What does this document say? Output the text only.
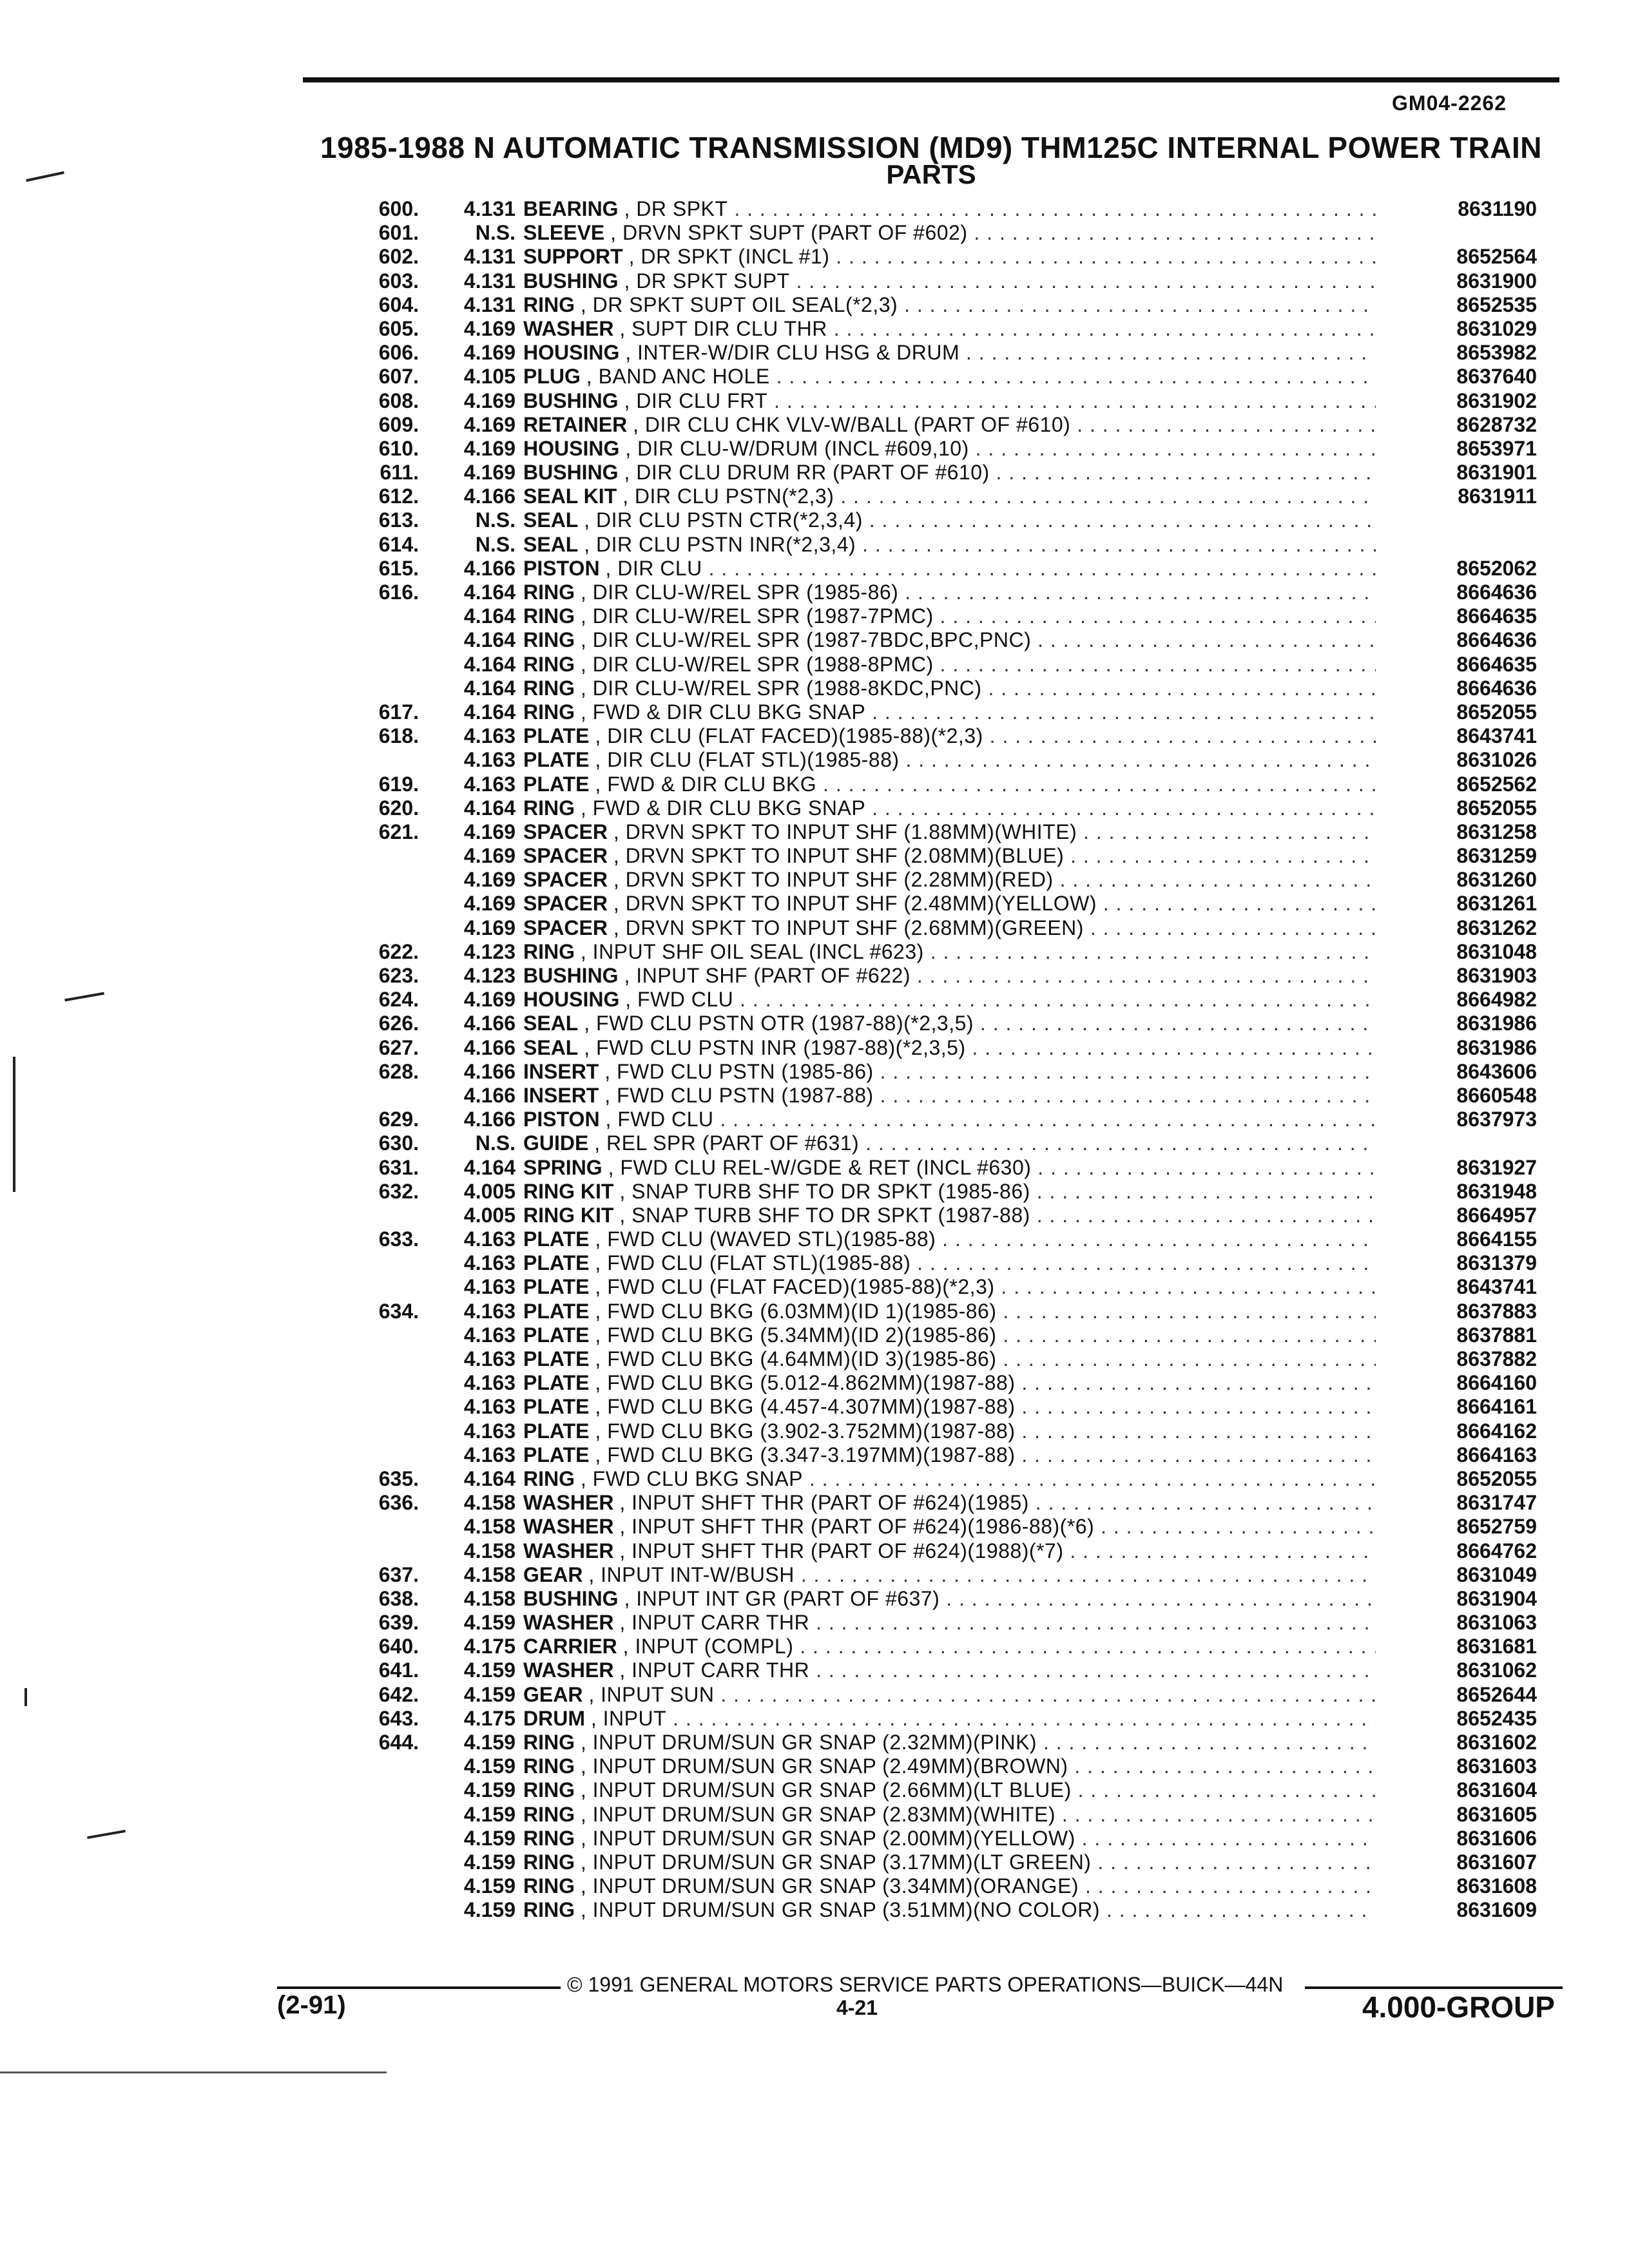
GM04-2262
1985-1988 N AUTOMATIC TRANSMISSION (MD9) THM125C INTERNAL POWER TRAIN
PARTS
600.	4.131 BEARING , DR SPKT . . .	8631190
601.	N.S. SLEEVE , DRVN SPKT SUPT (PART OF #602) . . .
602.	4.131 SUPPORT , DR SPKT (INCL #1) . . .	8652564
603.	4.131 BUSHING , DR SPKT SUPT . . .	8631900
604.	4.131 RING , DR SPKT SUPT OIL SEAL(*2,3) . . .	8652535
605.	4.169 WASHER , SUPT DIR CLU THR . . .	8631029
606.	4.169 HOUSING , INTER-W/DIR CLU HSG & DRUM . . .	8653982
607.	4.105 PLUG , BAND ANC HOLE . . .	8637640
608.	4.169 BUSHING , DIR CLU FRT . . .	8631902
609.	4.169 RETAINER , DIR CLU CHK VLV-W/BALL (PART OF #610) . . .	8628732
610.	4.169 HOUSING , DIR CLU-W/DRUM (INCL #609,10) . . .	8653971
611.	4.169 BUSHING , DIR CLU DRUM RR (PART OF #610) . . .	8631901
612.	4.166 SEAL KIT , DIR CLU PSTN(*2,3) . . .	8631911
613.	N.S. SEAL , DIR CLU PSTN CTR(*2,3,4) . . .
614.	N.S. SEAL , DIR CLU PSTN INR(*2,3,4) . . .
615.	4.166 PISTON , DIR CLU . . .	8652062
616.	4.164 RING , DIR CLU-W/REL SPR (1985-86) . . .	8664636
4.164 RING , DIR CLU-W/REL SPR (1987-7PMC) . . .	8664635
4.164 RING , DIR CLU-W/REL SPR (1987-7BDC,BPC,PNC) . . .	8664636
4.164 RING , DIR CLU-W/REL SPR (1988-8PMC) . . .	8664635
4.164 RING , DIR CLU-W/REL SPR (1988-8KDC,PNC) . . .	8664636
617.	4.164 RING , FWD & DIR CLU BKG SNAP . . .	8652055
618.	4.163 PLATE , DIR CLU (FLAT FACED)(1985-88)(*2,3) . . .	8643741
4.163 PLATE , DIR CLU (FLAT STL)(1985-88) . . .	8631026
619.	4.163 PLATE , FWD & DIR CLU BKG . . .	8652562
620.	4.164 RING , FWD & DIR CLU BKG SNAP . . .	8652055
621.	4.169 SPACER , DRVN SPKT TO INPUT SHF (1.88MM)(WHITE) . . .	8631258
4.169 SPACER , DRVN SPKT TO INPUT SHF (2.08MM)(BLUE) . . .	8631259
4.169 SPACER , DRVN SPKT TO INPUT SHF (2.28MM)(RED) . . .	8631260
4.169 SPACER , DRVN SPKT TO INPUT SHF (2.48MM)(YELLOW) . . .	8631261
4.169 SPACER , DRVN SPKT TO INPUT SHF (2.68MM)(GREEN) . . .	8631262
622.	4.123 RING , INPUT SHF OIL SEAL (INCL #623) . . .	8631048
623.	4.123 BUSHING , INPUT SHF (PART OF #622) . . .	8631903
624.	4.169 HOUSING , FWD CLU . . .	8664982
626.	4.166 SEAL , FWD CLU PSTN OTR (1987-88)(*2,3,5) . . .	8631986
627.	4.166 SEAL , FWD CLU PSTN INR (1987-88)(*2,3,5) . . .	8631986
628.	4.166 INSERT , FWD CLU PSTN (1985-86) . . .	8643606
4.166 INSERT , FWD CLU PSTN (1987-88) . . .	8660548
629.	4.166 PISTON , FWD CLU . . .	8637973
630.	N.S. GUIDE , REL SPR (PART OF #631) . . .
631.	4.164 SPRING , FWD CLU REL-W/GDE & RET (INCL #630) . . .	8631927
632.	4.005 RING KIT , SNAP TURB SHF TO DR SPKT (1985-86) . . .	8631948
4.005 RING KIT , SNAP TURB SHF TO DR SPKT (1987-88) . . .	8664957
633.	4.163 PLATE , FWD CLU (WAVED STL)(1985-88) . . .	8664155
4.163 PLATE , FWD CLU (FLAT STL)(1985-88) . . .	8631379
4.163 PLATE , FWD CLU (FLAT FACED)(1985-88)(*2,3) . . .	8643741
634.	4.163 PLATE , FWD CLU BKG (6.03MM)(ID 1)(1985-86) . . .	8637883
4.163 PLATE , FWD CLU BKG (5.34MM)(ID 2)(1985-86) . . .	8637881
4.163 PLATE , FWD CLU BKG (4.64MM)(ID 3)(1985-86) . . .	8637882
4.163 PLATE , FWD CLU BKG (5.012-4.862MM)(1987-88) . . .	8664160
4.163 PLATE , FWD CLU BKG (4.457-4.307MM)(1987-88) . . .	8664161
4.163 PLATE , FWD CLU BKG (3.902-3.752MM)(1987-88) . . .	8664162
4.163 PLATE , FWD CLU BKG (3.347-3.197MM)(1987-88) . . .	8664163
635.	4.164 RING , FWD CLU BKG SNAP . . .	8652055
636.	4.158 WASHER , INPUT SHFT THR (PART OF #624)(1985) . . .	8631747
4.158 WASHER , INPUT SHFT THR (PART OF #624)(1986-88)(*6) . . .	8652759
4.158 WASHER , INPUT SHFT THR (PART OF #624)(1988)(*7) . . .	8664762
637.	4.158 GEAR , INPUT INT-W/BUSH . . .	8631049
638.	4.158 BUSHING , INPUT INT GR (PART OF #637) . . .	8631904
639.	4.159 WASHER , INPUT CARR THR . . .	8631063
640.	4.175 CARRIER , INPUT (COMPL) . . .	8631681
641.	4.159 WASHER , INPUT CARR THR . . .	8631062
642.	4.159 GEAR , INPUT SUN . . .	8652644
643.	4.175 DRUM , INPUT . . .	8652435
644.	4.159 RING , INPUT DRUM/SUN GR SNAP (2.32MM)(PINK) . . .	8631602
4.159 RING , INPUT DRUM/SUN GR SNAP (2.49MM)(BROWN) . . .	8631603
4.159 RING , INPUT DRUM/SUN GR SNAP (2.66MM)(LT BLUE) . . .	8631604
4.159 RING , INPUT DRUM/SUN GR SNAP (2.83MM)(WHITE) . . .	8631605
4.159 RING , INPUT DRUM/SUN GR SNAP (2.00MM)(YELLOW) . . .	8631606
4.159 RING , INPUT DRUM/SUN GR SNAP (3.17MM)(LT GREEN) . . .	8631607
4.159 RING , INPUT DRUM/SUN GR SNAP (3.34MM)(ORANGE) . . .	8631608
4.159 RING , INPUT DRUM/SUN GR SNAP (3.51MM)(NO COLOR) . . .	8631609
© 1991 GENERAL MOTORS SERVICE PARTS OPERATIONS—BUICK—44N
(2-91)	4-21	4.000-GROUP
